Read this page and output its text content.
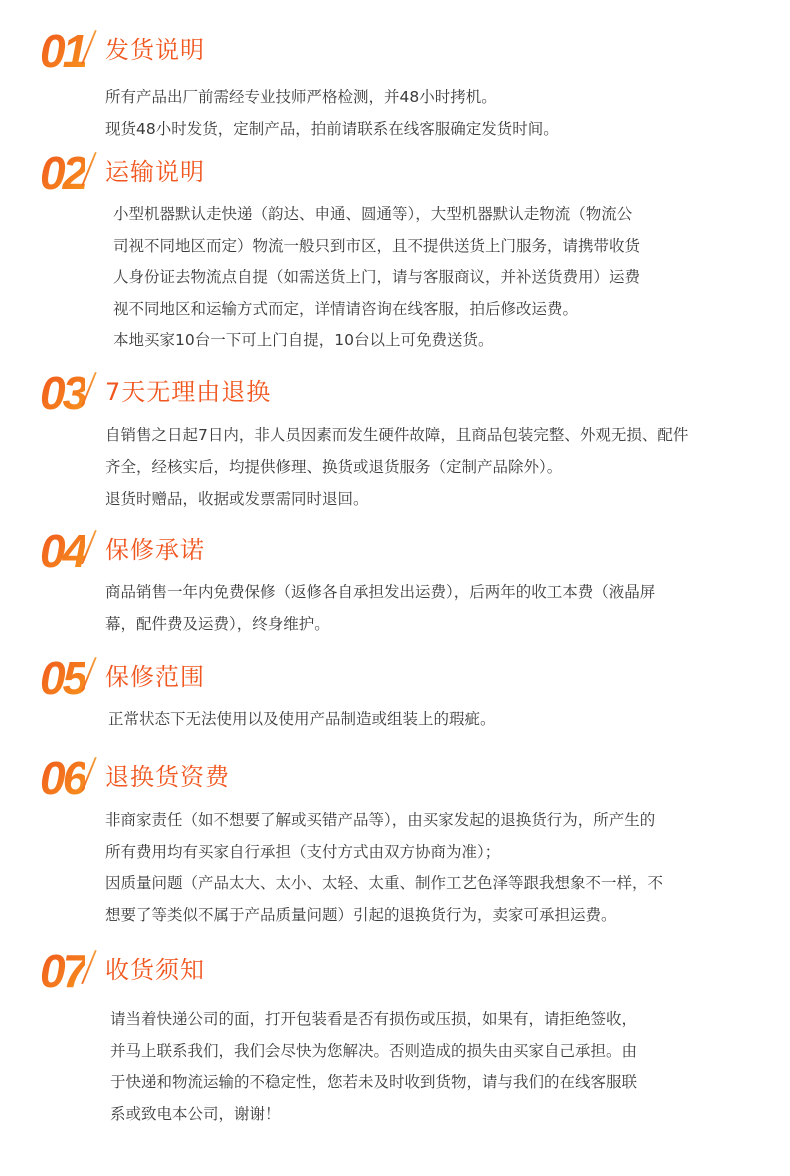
01 发货说明
所有产品出厂前需经专业技师严格检测，并48小时拷机。
现货48小时发货，定制产品，拍前请联系在线客服确定发货时间。
02 运输说明
小型机器默认走快递（韵达、申通、圆通等），大型机器默认走物流（物流公
司视不同地区而定）物流一般只到市区，且不提供送货上门服务，请携带收货
人身份证去物流点自提（如需送货上门，请与客服商议，并补送货费用）运费
视不同地区和运输方式而定，详情请咨询在线客服，拍后修改运费。
本地买家10台一下可上门自提，10台以上可免费送货。
03 7天无理由退换
自销售之日起7日内，非人员因素而发生硬件故障，且商品包装完整、外观无损、配件
齐全，经核实后，均提供修理、换货或退货服务（定制产品除外）。
退货时赠品，收据或发票需同时退回。
04 保修承诺
商品销售一年内免费保修（返修各自承担发出运费），后两年的收工本费（液晶屏
幕，配件费及运费），终身维护。
05 保修范围
正常状态下无法使用以及使用产品制造或组装上的瑕疵。
06 退换货资费
非商家责任（如不想要了解或买错产品等），由买家发起的退换货行为，所产生的
所有费用均有买家自行承担（支付方式由双方协商为准）；
因质量问题（产品太大、太小、太轻、太重、制作工艺色泽等跟我想象不一样，不
想要了等类似不属于产品质量问题）引起的退换货行为，卖家可承担运费。
07 收货须知
请当着快递公司的面，打开包装看是否有损伤或压损，如果有，请拒绝签收，
并马上联系我们，我们会尽快为您解决。否则造成的损失由买家自己承担。由
于快递和物流运输的不稳定性，您若未及时收到货物，请与我们的在线客服联
系或致电本公司，谢谢！
